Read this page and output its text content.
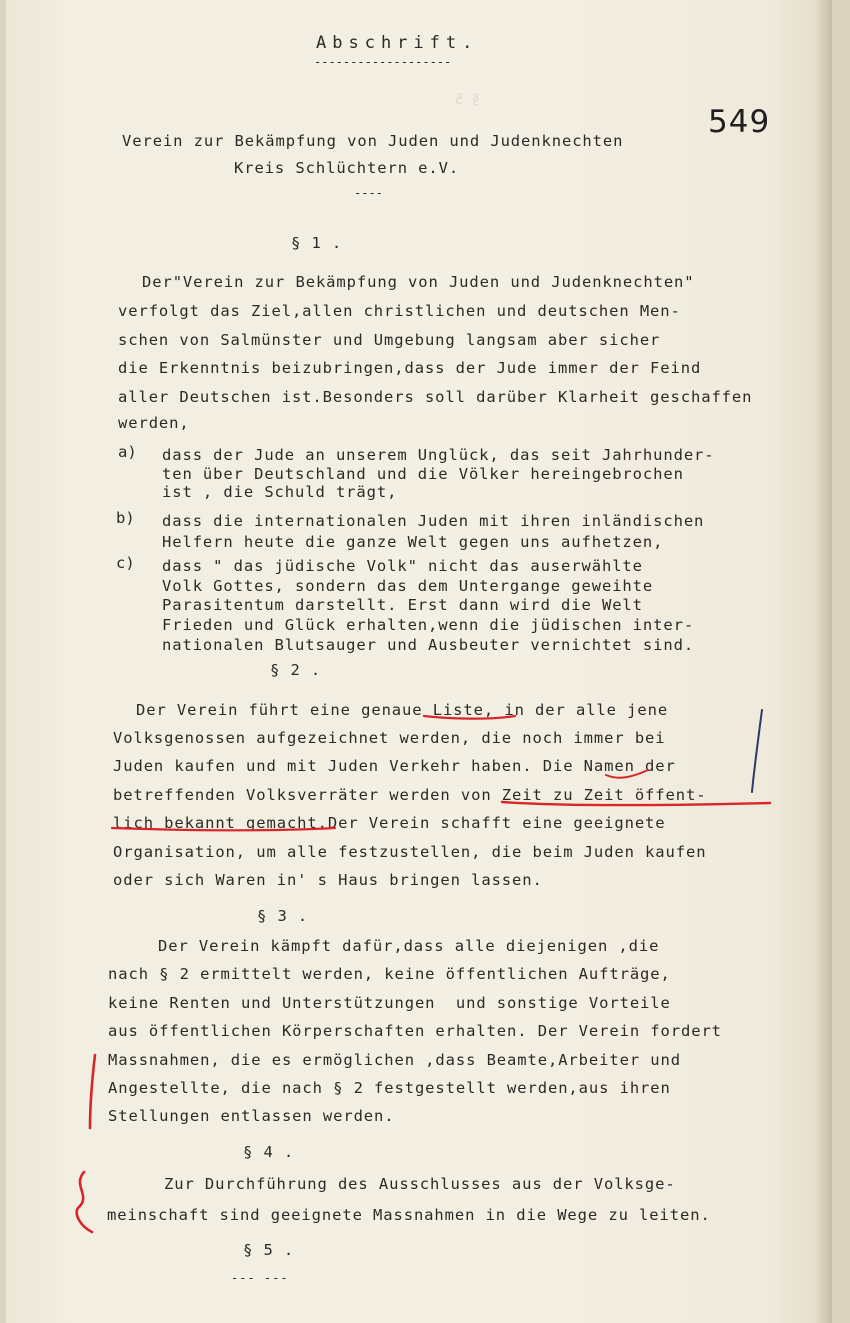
§ 5
Abschrift.
-------------------
549
Verein zur Bekämpfung von Juden und Judenknechten
Kreis Schlüchtern e.V.
----
§ 1 .
Der"Verein zur Bekämpfung von Juden und Judenknechten"
verfolgt das Ziel,allen christlichen und deutschen Men-
schen von Salmünster und Umgebung langsam aber sicher
die Erkenntnis beizubringen,dass der Jude immer der Feind
aller Deutschen ist.Besonders soll darüber Klarheit geschaffen
werden,
a) dass der Jude an unserem Unglück, das seit Jahrhunder-
ten über Deutschland und die Völker hereingebrochen
ist , die Schuld trägt,
b) dass die internationalen Juden mit ihren inländischen
Helfern heute die ganze Welt gegen uns aufhetzen,
c) dass " das jüdische Volk" nicht das auserwählte
Volk Gottes, sondern das dem Untergange geweihte
Parasitentum darstellt. Erst dann wird die Welt
Frieden und Glück erhalten,wenn die jüdischen inter-
nationalen Blutsauger und Ausbeuter vernichtet sind.
§ 2 .
Der Verein führt eine genaue Liste, in der alle jene
Volksgenossen aufgezeichnet werden, die noch immer bei
Juden kaufen und mit Juden Verkehr haben. Die Namen der
betreffenden Volksverräter werden von Zeit zu Zeit öffent-
lich bekannt gemacht.Der Verein schafft eine geeignete
Organisation, um alle festzustellen, die beim Juden kaufen
oder sich Waren in' s Haus bringen lassen.
§ 3 .
Der Verein kämpft dafür,dass alle diejenigen ,die
nach § 2 ermittelt werden, keine öffentlichen Aufträge,
keine Renten und Unterstützungen  und sonstige Vorteile
aus öffentlichen Körperschaften erhalten. Der Verein fordert
Massnahmen, die es ermöglichen ,dass Beamte,Arbeiter und
Angestellte, die nach § 2 festgestellt werden,aus ihren
Stellungen entlassen werden.
§ 4 .
Zur Durchführung des Ausschlusses aus der Volksge-
meinschaft sind geeignete Massnahmen in die Wege zu leiten.
§ 5 .
--- ---
